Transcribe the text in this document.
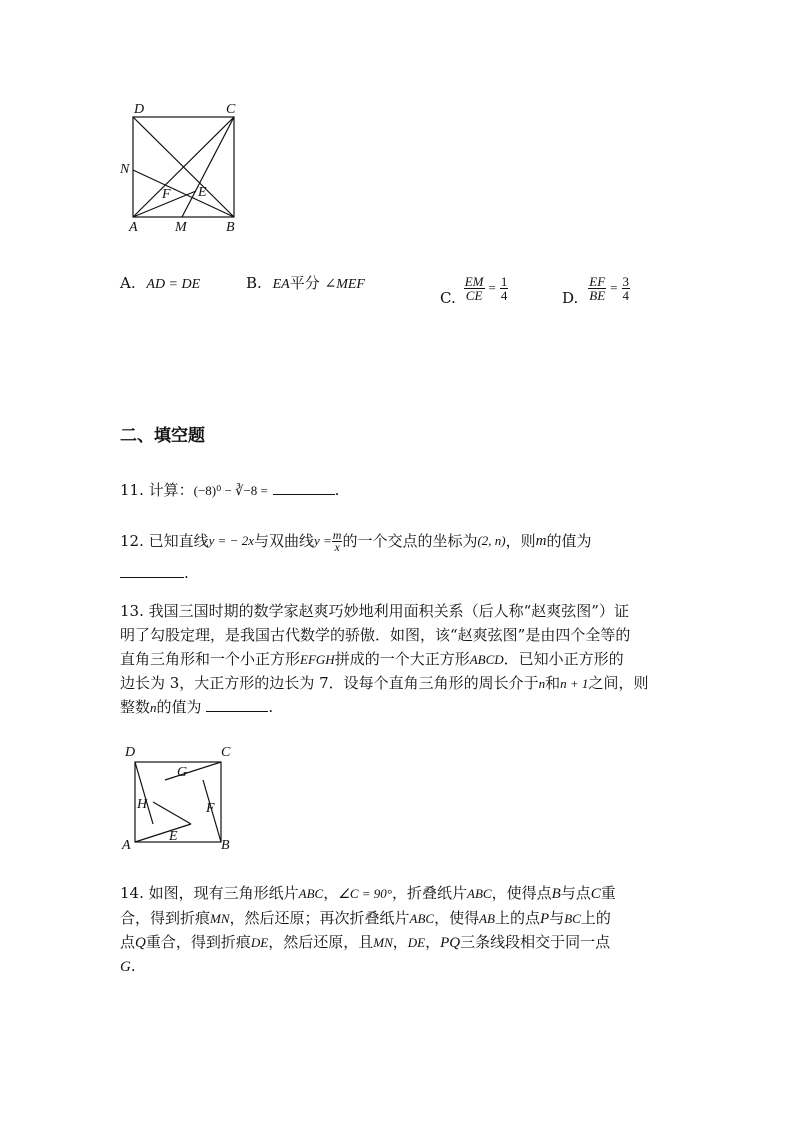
D	C
N
F E
A	M	B
A. AD = DE	B. EA平分 ∠MEF
C. $\frac{EM}{CE} = \frac{1}{4}$	D. $\frac{EF}{BE} = \frac{3}{4}$
二、填空题
11. 计算：(−8)⁰ − ∛−8 =	.
12. 已知直线 y = − 2x 与双曲线 $y = \frac{m}{x}$ 的一个交点的坐标为 (2, n) ，则 m 的值为
.
13. 我国三国时期的数学家赵爽巧妙地利用面积关系（后人称“赵爽弦图”）证
明了勾股定理，是我国古代数学的骄傲．如图，该“赵爽弦图”是由四个全等的
直角三角形和一个小正方形EFGH拼成的一个大正方形ABCD．已知小正方形的
边长为 3，大正方形的边长为 7．设每个直角三角形的周长介于n和n + 1之间，则
整数n的值为	.
D	C
G
H	F
E
A	B
14. 如图，现有三角形纸片ABC，∠C = 90°，折叠纸片ABC，使得点B与点C重
合，得到折痕MN，然后还原；再次折叠纸片ABC，使得AB上的点P与BC上的
点Q重合，得到折痕DE，然后还原，且MN，DE，PQ三条线段相交于同一点
G.
